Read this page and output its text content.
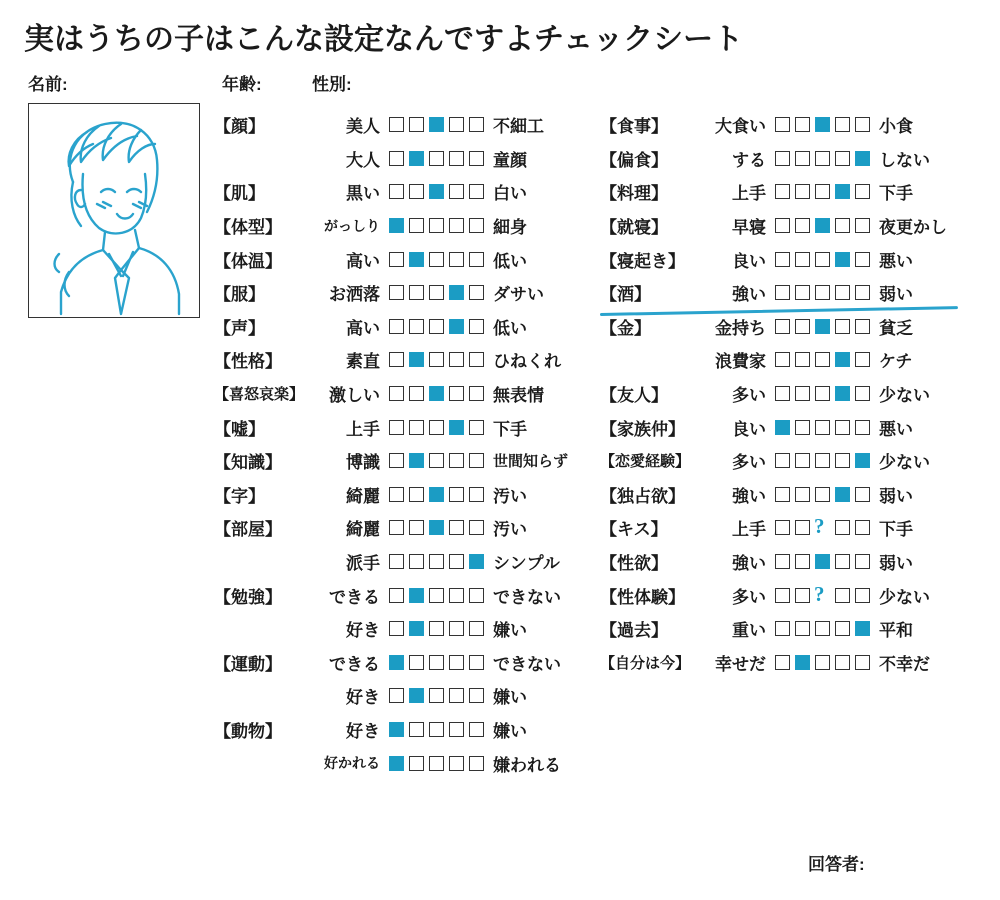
実はうちの子はこんな設定なんですよチェックシート
名前:	年齢:	性別:
回答者:
【顔】	美人	不細工
大人	童顔
【肌】	黒い	白い
【体型】	がっしり	細身
【体温】	高い	低い
【服】	お洒落	ダサい
【声】	高い	低い
【性格】	素直	ひねくれ
【喜怒哀楽】	激しい	無表情
【嘘】	上手	下手
【知識】	博識	世間知らず
【字】	綺麗	汚い
【部屋】	綺麗	汚い
派手	シンプル
【勉強】	できる	できない
好き	嫌い
【運動】	できる	できない
好き	嫌い
【動物】	好き	嫌い
好かれる	嫌われる
【食事】	大食い	小食
【偏食】	する	しない
【料理】	上手	下手
【就寝】	早寝	夜更かし
【寝起き】	良い	悪い
【酒】	強い	弱い
【金】	金持ち	貧乏
浪費家	ケチ
【友人】	多い	少ない
【家族仲】	良い	悪い
【恋愛経験】	多い	少ない
【独占欲】	強い	弱い
【キス】	上手 ?	下手
【性欲】	強い	弱い
【性体験】	多い ?	少ない
【過去】	重い	平和
【自分は今】	幸せだ	不幸だ
